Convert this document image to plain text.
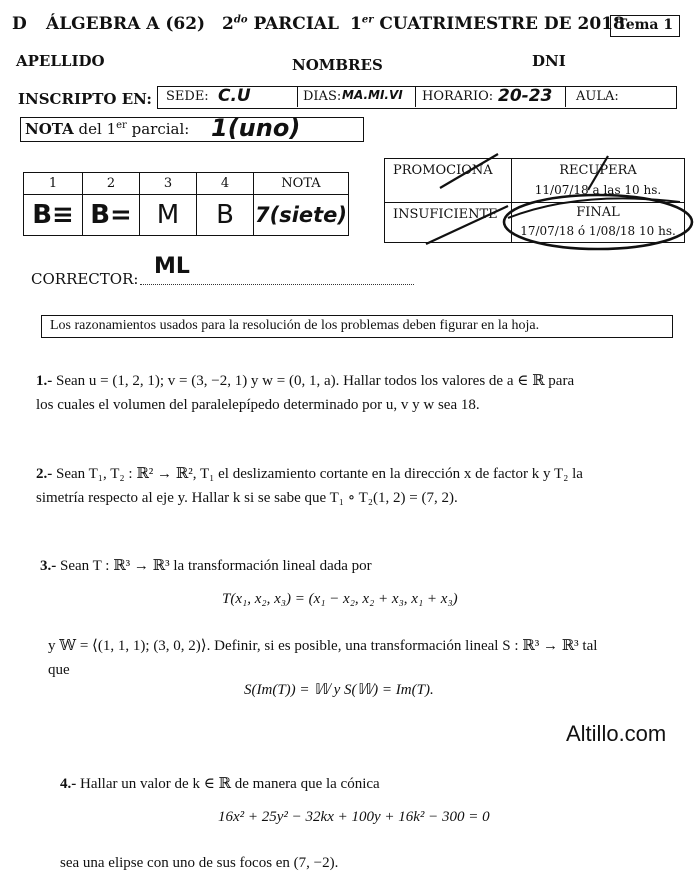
D ÁLGEBRA A (62) $2^{do}$ PARCIAL 1er CUATRIMESTRE DE 2018
Tema 1
APELLIDO	NOMBRES	DNI
INSCRIPTO EN: SEDE: C.U	DIAS: MA.MI.VI HORARIO: 20-23 AULA:
NOTA del 1er parcial: 1(uno)
1	2	3	4	NOTA
B≡	B=	M	B	7(siete)
PROMOCIONA	RECUPERA
11/07/18 a las 10 hs.

INSUFICIENTE	FINAL
17/07/18 ó 1/08/18 10 hs.
CORRECTOR: ML
Los razonamientos usados para la resolución de los problemas deben figurar en la hoja.
1.- Sean u = (1, 2, 1); v = (3, −2, 1) y w = (0, 1, a). Hallar todos los valores de a ∈ ℝ para
los cuales el volumen del paralelepípedo determinado por u, v y w sea 18.
2.- Sean T₁, T₂ : ℝ² → ℝ², T₁ el deslizamiento cortante en la dirección x de factor k y T₂ la
simetría respecto al eje y. Hallar k si se sabe que T₁ ∘ T₂(1, 2) = (7, 2).
3.- Sean T : ℝ³ → ℝ³ la transformación lineal dada por
T(x₁, x₂, x₃) = (x₁ − x₂, x₂ + x₃, x₁ + x₃)
y 𝕎 = ⟨(1, 1, 1); (3, 0, 2)⟩. Definir, si es posible, una transformación lineal S : ℝ³ → ℝ³ tal
que
S(Im(T)) = 𝕎 y S(𝕎) = Im(T).
Altillo.com
4.- Hallar un valor de k ∈ ℝ de manera que la cónica
16x² + 25y² − 32kx + 100y + 16k² − 300 = 0
sea una elipse con uno de sus focos en (7, −2).
